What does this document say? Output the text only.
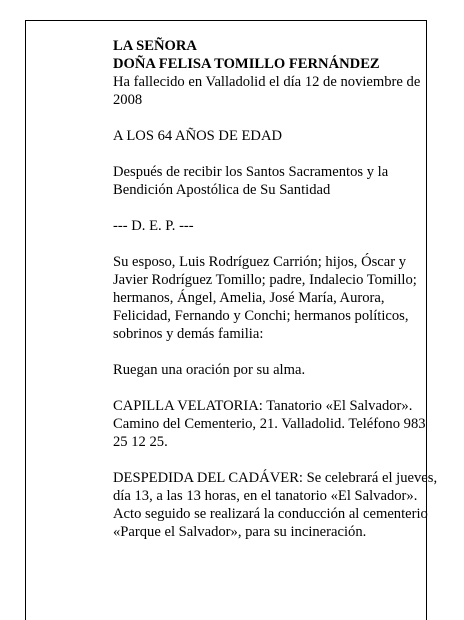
LA SEÑORA
DOÑA FELISA TOMILLO FERNÁNDEZ
Ha fallecido en Valladolid el día 12 de noviembre de
2008
A LOS 64 AÑOS DE EDAD
Después de recibir los Santos Sacramentos y la
Bendición Apostólica de Su Santidad
--- D. E. P. ---
Su esposo, Luis Rodríguez Carrión; hijos, Óscar y
Javier Rodríguez Tomillo; padre, Indalecio Tomillo;
hermanos, Ángel, Amelia, José María, Aurora,
Felicidad, Fernando y Conchi; hermanos políticos,
sobrinos y demás familia:
Ruegan una oración por su alma.
CAPILLA VELATORIA: Tanatorio «El Salvador».
Camino del Cementerio, 21. Valladolid. Teléfono 983
25 12 25.
DESPEDIDA DEL CADÁVER: Se celebrará el jueves,
día 13, a las 13 horas, en el tanatorio «El Salvador».
Acto seguido se realizará la conducción al cementerio
«Parque el Salvador», para su incineración.
